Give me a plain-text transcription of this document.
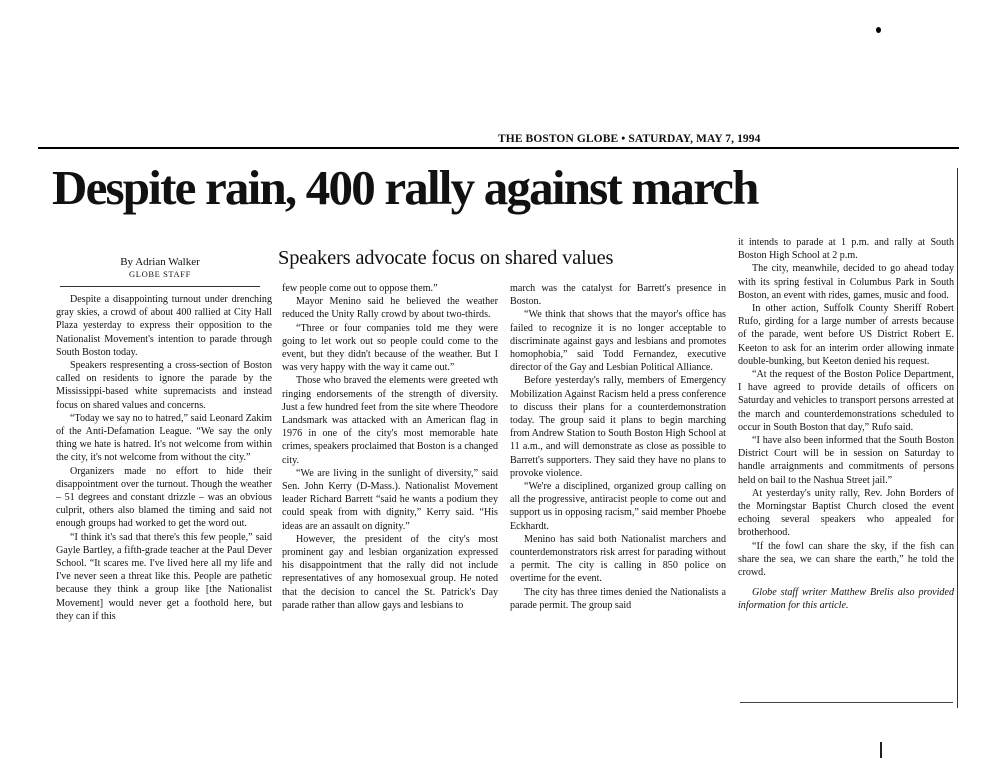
THE BOSTON GLOBE • SATURDAY, MAY 7, 1994
Despite rain, 400 rally against march
By Adrian Walker
GLOBE STAFF
Speakers advocate focus on shared values

Despite a disappointing turnout under drenching gray skies, a crowd of about 400 rallied at City Hall Plaza yesterday to express their opposition to the Nationalist Movement's intention to parade through South Boston today.

Speakers respresenting a cross-section of Boston called on residents to ignore the parade by the Mississippi-based white supremacists and instead focus on shared values and concerns.

“Today we say no to hatred,” said Leonard Zakim of the Anti-Defamation League. “We say the only thing we hate is hatred. It's not welcome from within the city, it's not welcome from without the city.”

Organizers made no effort to hide their disappointment over the turnout. Though the weather – 51 degrees and constant drizzle – was an obvious culprit, others also blamed the timing and said not enough groups had worked to get the word out.

“I think it's sad that there's this few people,” said Gayle Bartley, a fifth-grade teacher at the Paul Dever School. “It scares me. I've lived here all my life and I've never seen a threat like this. People are pathetic because they think a group like [the Nationalist Movement] would never get a foothold here, but they can if this

few people come out to oppose them.”

Mayor Menino said he believed the weather reduced the Unity Rally crowd by about two-thirds.

“Three or four companies told me they were going to let work out so people could come to the event, but they didn't because of the weather. But I was very happy with the way it came out.”

Those who braved the elements were greeted wth ringing endorsements of the strength of diversity. Just a few hundred feet from the site where Theodore Landsmark was attacked with an American flag in 1976 in one of the city's most memorable hate crimes, speakers proclaimed that Boston is a changed city.

“We are living in the sunlight of diversity,” said Sen. John Kerry (D-Mass.). Nationalist Movement leader Richard Barrett “said he wants a podium they could speak from with dignity,” Kerry said. “His ideas are an assault on dignity.”

However, the president of the city's most prominent gay and lesbian organization expressed his disappointment that the rally did not include representatives of any homosexual group. He noted that the decision to cancel the St. Patrick's Day parade rather than allow gays and lesbians to

march was the catalyst for Barrett's presence in Boston.

“We think that shows that the mayor's office has failed to recognize it is no longer acceptable to discriminate against gays and lesbians and promotes homophobia,” said Todd Fernandez, executive director of the Gay and Lesbian Political Alliance.

Before yesterday's rally, members of Emergency Mobilization Against Racism held a press conference to discuss their plans for a counterdemonstration today. The group said it plans to begin marching from Andrew Station to South Boston High School at 11 a.m., and will demonstrate as close as possible to Barrett's supporters. They said they have no plans to provoke violence.

“We're a disciplined, organized group calling on all the progressive, antiracist people to come out and support us in opposing racism,” said member Phoebe Eckhardt.

Menino has said both Nationalist marchers and counterdemonstrators risk arrest for parading without a permit. The city is calling in 850 police on overtime for the event.

The city has three times denied the Nationalists a parade permit. The group said

it intends to parade at 1 p.m. and rally at South Boston High School at 2 p.m.

The city, meanwhile, decided to go ahead today with its spring festival in Columbus Park in South Boston, an event with rides, games, music and food.

In other action, Suffolk County Sheriff Robert Rufo, girding for a large number of arrests because of the parade, went before US District Robert E. Keeton to ask for an interim order allowing inmate double-bunking, but Keeton denied his request.

“At the request of the Boston Police Department, I have agreed to provide details of officers on Saturday and vehicles to transport persons arrested at the march and counterdemonstrations scheduled to occur in South Boston that day,” Rufo said.

“I have also been informed that the South Boston District Court will be in session on Saturday to handle arraignments and commitments of persons held on bail to the Nashua Street jail.”

At yesterday's unity rally, Rev. John Borders of the Morningstar Baptist Church closed the event echoing several speakers who appealed for brotherhood.

“If the fowl can share the sky, if the fish can share the sea, we can share the earth,” he told the crowd.

Globe staff writer Matthew Brelis also provided information for this article.
